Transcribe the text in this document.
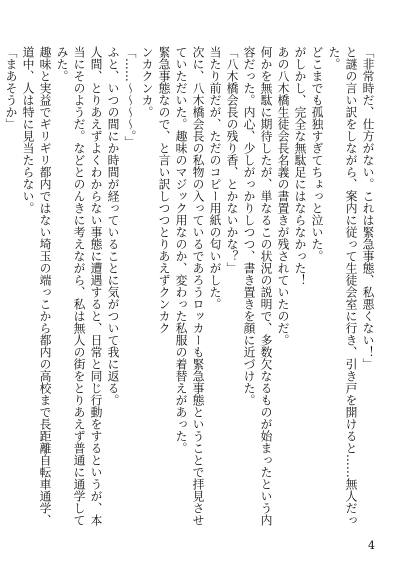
「非常時だ、仕方がない。これは緊急事態、私悪くない！」
と謎の言い訳をしながら、案内に従って生徒会室に行き、引き戸を開けると……無人だった。
どこまでも孤独すぎてちょっと泣いた。
がしかし、完全な無駄足にはならなかった！
あの八木橋生徒会長名義の書置きが残されていたのだ。
何かを無駄に期待したが、単なるこの状況の説明で、多数欠なるものが始まったという内容だった。内心、少しがっかりしつつ、書き置きを顔に近づけた。
「八木橋会長の残り香、とかないかな？」
当たり前だが、ただのコピー用紙の匂いがした。
次に、八木橋会長の私物の入っているであろうロッカーも緊急事態ということで拝見させていただいた。趣味のマジック用なのか、変わった私服の着替えがあった。
緊急事態なので、と言い訳しつつとりあえずクンカク
ンカクンカ。
「……〜〜〜〜。」
ふと、いつの間にか時間が経っていることに気がついて我に返る。
人間、とりあえずよくわからない事態に遭遇すると、日常と同じ行動をするというが、本当にそのようだ。などとのんきに考えながら、私は無人の街をとりあえず普通に通学してみた。
趣味と実益でギリギリ都内ではない埼玉の端っこから都内の高校まで長距離自転車通学、道中、人は特に見当たらない。
「まあそうか」
4
